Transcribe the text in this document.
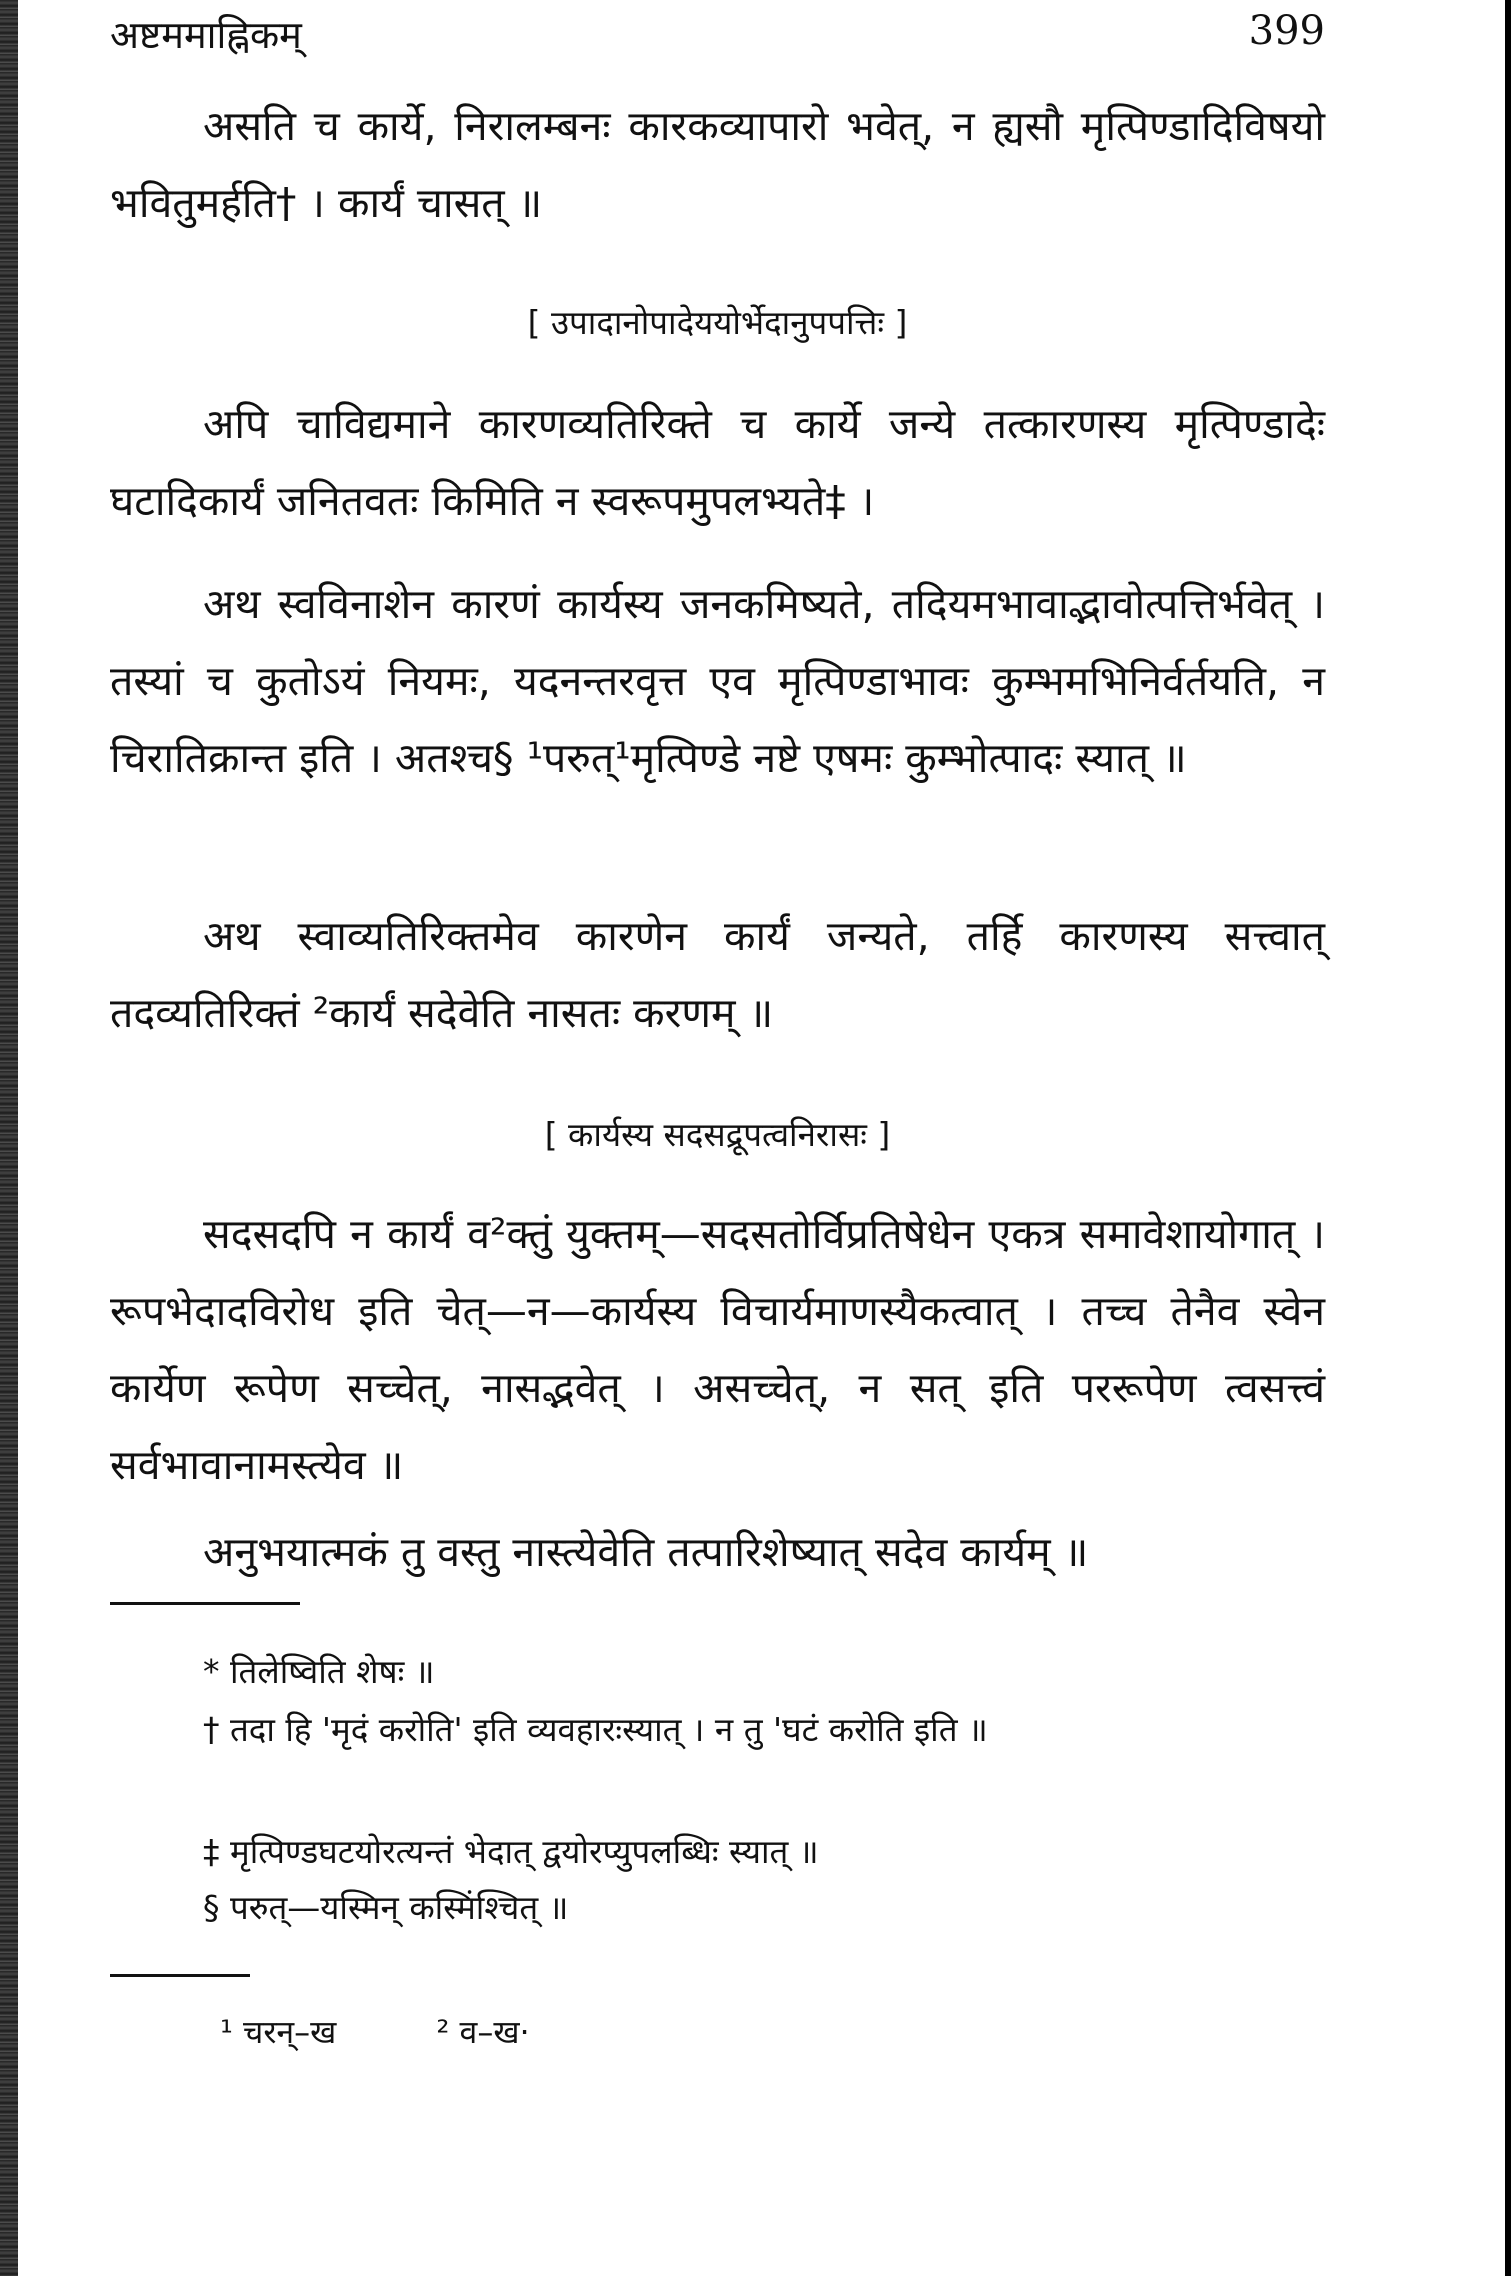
अष्टममाह्निकम्	399

असति च कार्ये, निरालम्बनः कारकव्यापारो भवेत्, न ह्यसौ मृत्पिण्डादिविषयो भवितुमर्हति† । कार्यं चासत् ॥

[ उपादानोपादेययोर्भेदानुपपत्तिः ]

अपि चाविद्यमाने कारणव्यतिरिक्ते च कार्ये जन्ये तत्कारणस्य मृत्पिण्डादेः घटादिकार्यं जनितवतः किमिति न स्वरूपमुपलभ्यते‡ ।

अथ स्वविनाशेन कारणं कार्यस्य जनकमिष्यते, तदियमभावाद्भावोत्पत्तिर्भवेत् । तस्यां च कुतोऽयं नियमः, यदनन्तरवृत्त एव मृत्पिण्डाभावः कुम्भमभिनिर्वर्तयति, न चिरातिक्रान्त इति । अतश्च§ ¹परुत्¹मृत्पिण्डे नष्टे एषमः कुम्भोत्पादः स्यात् ॥

अथ स्वाव्यतिरिक्तमेव कारणेन कार्यं जन्यते, तर्हि कारणस्य सत्त्वात् तदव्यतिरिक्तं ²कार्यं सदेवेति नासतः करणम् ॥

[ कार्यस्य सदसद्रूपत्वनिरासः ]

सदसदपि न कार्यं व²क्तुं युक्तम्—सदसतोर्विप्रतिषेधेन एकत्र समावेशायोगात् । रूपभेदादविरोध इति चेत्—न—कार्यस्य विचार्यमाणस्यैकत्वात् । तच्च तेनैव स्वेन कार्येण रूपेण सच्चेत्, नासद्भवेत् । असच्चेत्, न सत् इति पररूपेण त्वसत्त्वं सर्वभावानामस्त्येव ॥

अनुभयात्मकं तु वस्तु नास्त्येवेति तत्पारिशेष्यात् सदेव कार्यम् ॥

* तिलेष्विति शेषः ॥

† तदा हि 'मृदं करोति' इति व्यवहारःस्यात् । न तु 'घटं करोति इति ॥

‡ मृत्पिण्डघटयोरत्यन्तं भेदात् द्वयोरप्युपलब्धिः स्यात् ॥

§ परुत्—यस्मिन् कस्मिंश्चित् ॥

¹ चरन्–ख	² व–ख·
